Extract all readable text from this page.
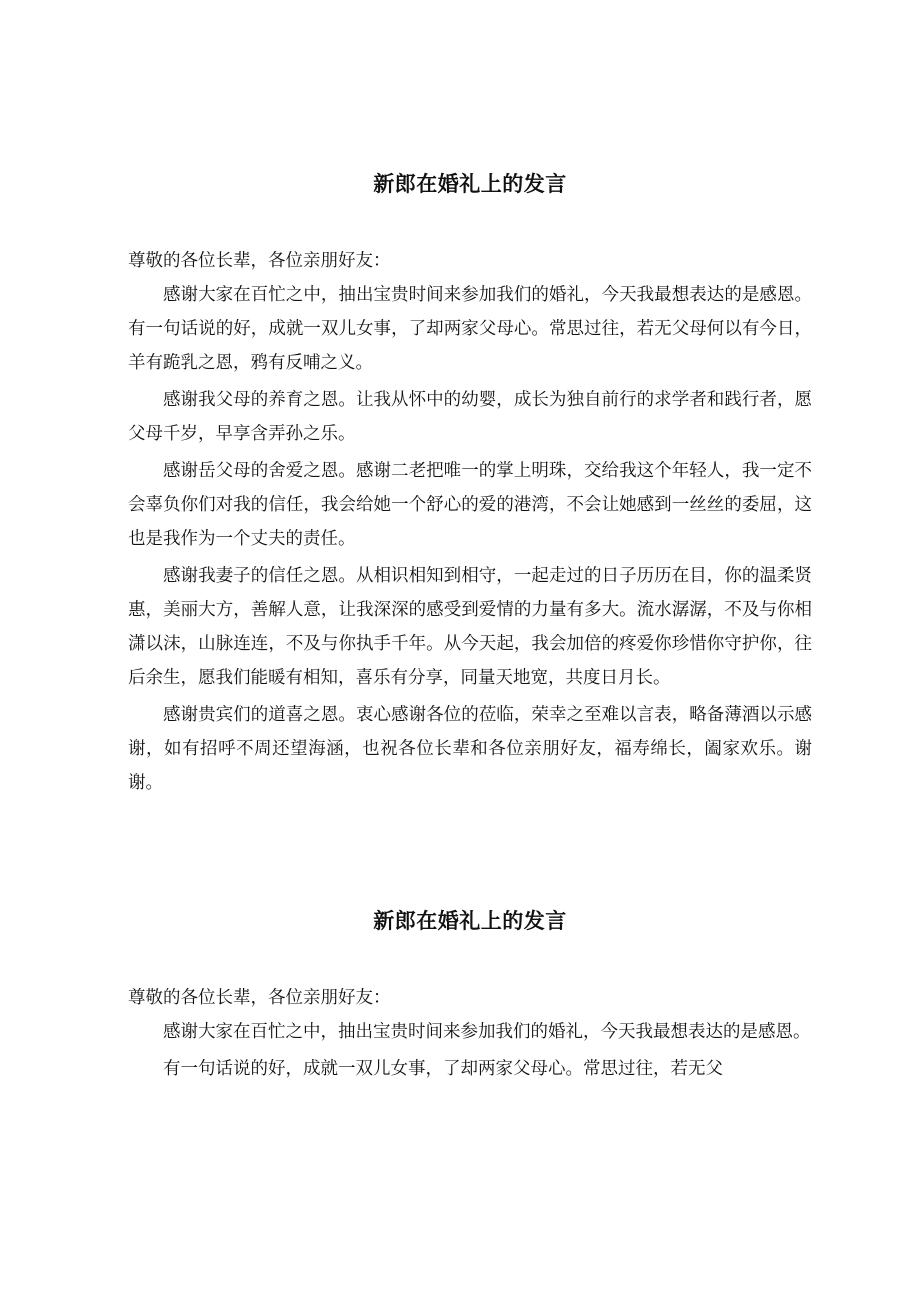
新郎在婚礼上的发言

尊敬的各位长辈，各位亲朋好友：

感谢大家在百忙之中，抽出宝贵时间来参加我们的婚礼，今天我最想表达的是感恩。有一句话说的好，成就一双儿女事，了却两家父母心。常思过往，若无父母何以有今日，羊有跪乳之恩，鸦有反哺之义。

感谢我父母的养育之恩。让我从怀中的幼婴，成长为独自前行的求学者和践行者，愿父母千岁，早享含弄孙之乐。

感谢岳父母的舍爱之恩。感谢二老把唯一的掌上明珠，交给我这个年轻人，我一定不会辜负你们对我的信任，我会给她一个舒心的爱的港湾，不会让她感到一丝丝的委屈，这也是我作为一个丈夫的责任。

感谢我妻子的信任之恩。从相识相知到相守，一起走过的日子历历在目，你的温柔贤惠，美丽大方，善解人意，让我深深的感受到爱情的力量有多大。流水潺潺，不及与你相潇以沫，山脉连连，不及与你执手千年。从今天起，我会加倍的疼爱你珍惜你守护你，往后余生，愿我们能暖有相知，喜乐有分享，同量天地宽，共度日月长。

感谢贵宾们的道喜之恩。衷心感谢各位的莅临，荣幸之至难以言表，略备薄酒以示感谢，如有招呼不周还望海涵，也祝各位长辈和各位亲朋好友，福寿绵长，阖家欢乐。谢谢。

新郎在婚礼上的发言

尊敬的各位长辈，各位亲朋好友：

感谢大家在百忙之中，抽出宝贵时间来参加我们的婚礼，今天我最想表达的是感恩。

有一句话说的好，成就一双儿女事，了却两家父母心。常思过往，若无父
